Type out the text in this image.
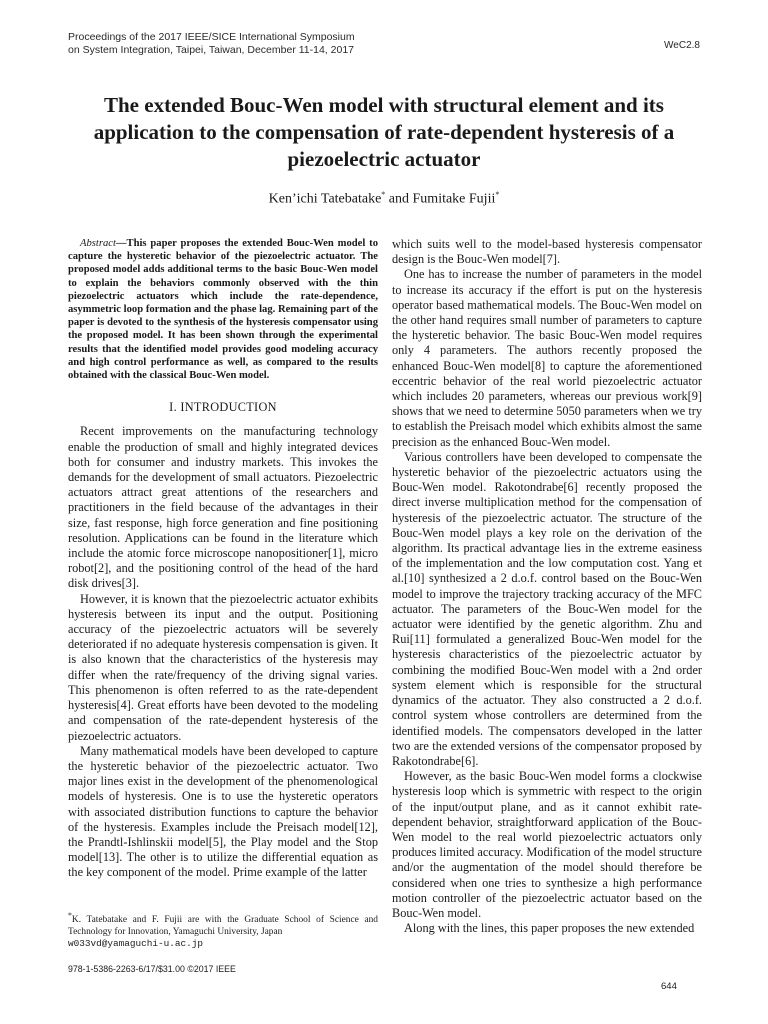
Proceedings of the 2017 IEEE/SICE International Symposium
on System Integration, Taipei, Taiwan, December 11-14, 2017	WeC2.8
The extended Bouc-Wen model with structural element and its application to the compensation of rate-dependent hysteresis of a piezoelectric actuator
Ken’ichi Tatebatake* and Fumitake Fujii*

Abstract—This paper proposes the extended Bouc-Wen model to capture the hysteretic behavior of the piezoelectric actuator. The proposed model adds additional terms to the basic Bouc-Wen model to explain the behaviors commonly observed with the thin piezoelectric actuators which include the rate-dependence, asymmetric loop formation and the phase lag. Remaining part of the paper is devoted to the synthesis of the hysteresis compensator using the proposed model. It has been shown through the experimental results that the identified model provides good modeling accuracy and high control performance as well, as compared to the results obtained with the classical Bouc-Wen model.

I. INTRODUCTION

Recent improvements on the manufacturing technology enable the production of small and highly integrated devices both for consumer and industry markets. This invokes the demands for the development of small actuators. Piezoelectric actuators attract great attentions of the researchers and practitioners in the field because of the advantages in their size, fast response, high force generation and fine positioning resolution. Applications can be found in the literature which include the atomic force microscope nanopositioner[1], micro robot[2], and the positioning control of the head of the hard disk drives[3].

However, it is known that the piezoelectric actuator exhibits hysteresis between its input and the output. Positioning accuracy of the piezoelectric actuators will be severely deteriorated if no adequate hysteresis compensation is given. It is also known that the characteristics of the hysteresis may differ when the rate/frequency of the driving signal varies. This phenomenon is often referred to as the rate-dependent hysteresis[4]. Great efforts have been devoted to the modeling and compensation of the rate-dependent hysteresis of the piezoelectric actuators.

Many mathematical models have been developed to capture the hysteretic behavior of the piezoelectric actuator. Two major lines exist in the development of the phenomenological models of hysteresis. One is to use the hysteretic operators with associated distribution functions to capture the behavior of the hysteresis. Examples include the Preisach model[12], the Prandtl-Ishlinskii model[5], the Play model and the Stop model[13]. The other is to utilize the differential equation as the key component of the model. Prime example of the latter

which suits well to the model-based hysteresis compensator design is the Bouc-Wen model[7].

One has to increase the number of parameters in the model to increase its accuracy if the effort is put on the hysteresis operator based mathematical models. The Bouc-Wen model on the other hand requires small number of parameters to capture the hysteretic behavior. The basic Bouc-Wen model requires only 4 parameters. The authors recently proposed the enhanced Bouc-Wen model[8] to capture the aforementioned eccentric behavior of the real world piezoelectric actuator which includes 20 parameters, whereas our previous work[9] shows that we need to determine 5050 parameters when we try to establish the Preisach model which exhibits almost the same precision as the enhanced Bouc-Wen model.

Various controllers have been developed to compensate the hysteretic behavior of the piezoelectric actuators using the Bouc-Wen model. Rakotondrabe[6] recently proposed the direct inverse multiplication method for the compensation of hysteresis of the piezoelectric actuator. The structure of the Bouc-Wen model plays a key role on the derivation of the algorithm. Its practical advantage lies in the extreme easiness of the implementation and the low computation cost. Yang et al.[10] synthesized a 2 d.o.f. control based on the Bouc-Wen model to improve the trajectory tracking accuracy of the MFC actuator. The parameters of the Bouc-Wen model for the actuator were identified by the genetic algorithm. Zhu and Rui[11] formulated a generalized Bouc-Wen model for the hysteresis characteristics of the piezoelectric actuator by combining the modified Bouc-Wen model with a 2nd order system element which is responsible for the structural dynamics of the actuator. They also constructed a 2 d.o.f. control system whose controllers are determined from the identified models. The compensators developed in the latter two are the extended versions of the compensator proposed by Rakotondrabe[6].

However, as the basic Bouc-Wen model forms a clockwise hysteresis loop which is symmetric with respect to the origin of the input/output plane, and as it cannot exhibit rate-dependent behavior, straightforward application of the Bouc-Wen model to the real world piezoelectric actuators only produces limited accuracy. Modification of the model structure and/or the augmentation of the model should therefore be considered when one tries to synthesize a high performance motion controller of the piezoelectric actuator based on the Bouc-Wen model.

Along with the lines, this paper proposes the new extended

*K. Tatebatake and F. Fujii are with the Graduate School of Science and Technology for Innovation, Yamaguchi University, Japan
w033vd@yamaguchi-u.ac.jp
978-1-5386-2263-6/17/$31.00 ©2017 IEEE
644
